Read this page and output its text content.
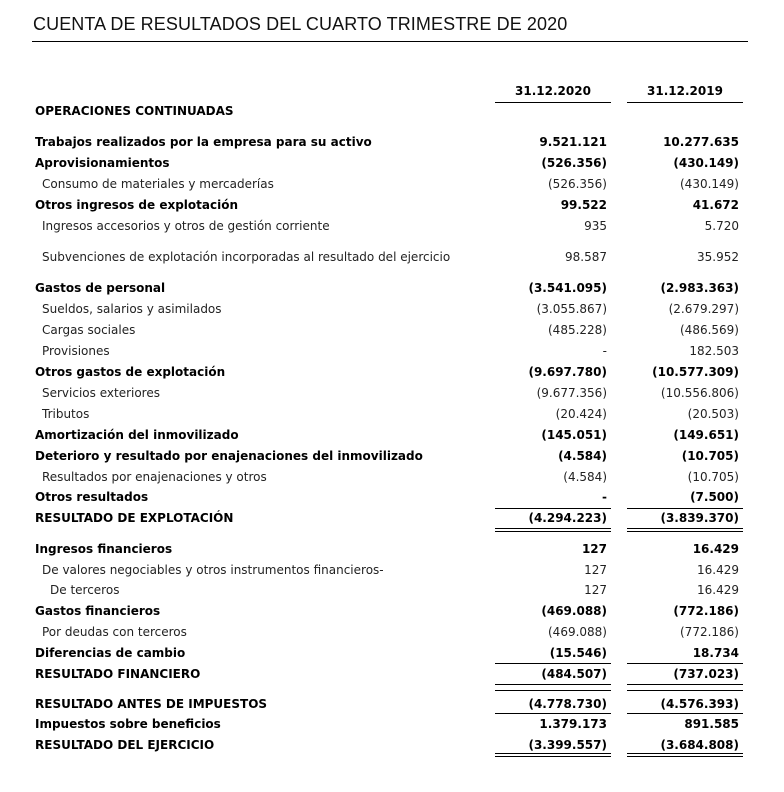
CUENTA DE RESULTADOS DEL CUARTO TRIMESTRE DE 2020
31.12.2020	31.12.2019
OPERACIONES CONTINUADAS
Trabajos realizados por la empresa para su activo	9.521.121	10.277.635
Aprovisionamientos	(526.356)	(430.149)
Consumo de materiales y mercaderías	(526.356)	(430.149)
Otros ingresos de explotación	99.522	41.672
Ingresos accesorios y otros de gestión corriente	935	5.720
Subvenciones de explotación incorporadas al resultado del ejercicio	98.587	35.952
Gastos de personal	(3.541.095)	(2.983.363)
Sueldos, salarios y asimilados	(3.055.867)	(2.679.297)
Cargas sociales	(485.228)	(486.569)
Provisiones	-	182.503
Otros gastos de explotación	(9.697.780)	(10.577.309)
Servicios exteriores	(9.677.356)	(10.556.806)
Tributos	(20.424)	(20.503)
Amortización del inmovilizado	(145.051)	(149.651)
Deterioro y resultado por enajenaciones del inmovilizado	(4.584)	(10.705)
Resultados por enajenaciones y otros	(4.584)	(10.705)
Otros resultados	-	(7.500)
RESULTADO DE EXPLOTACIÓN	(4.294.223)	(3.839.370)
Ingresos financieros	127	16.429
De valores negociables y otros instrumentos financieros-	127	16.429
De terceros	127	16.429
Gastos financieros	(469.088)	(772.186)
Por deudas con terceros	(469.088)	(772.186)
Diferencias de cambio	(15.546)	18.734
RESULTADO FINANCIERO	(484.507)	(737.023)
RESULTADO ANTES DE IMPUESTOS	(4.778.730)	(4.576.393)
Impuestos sobre beneficios	1.379.173	891.585
RESULTADO DEL EJERCICIO	(3.399.557)	(3.684.808)
